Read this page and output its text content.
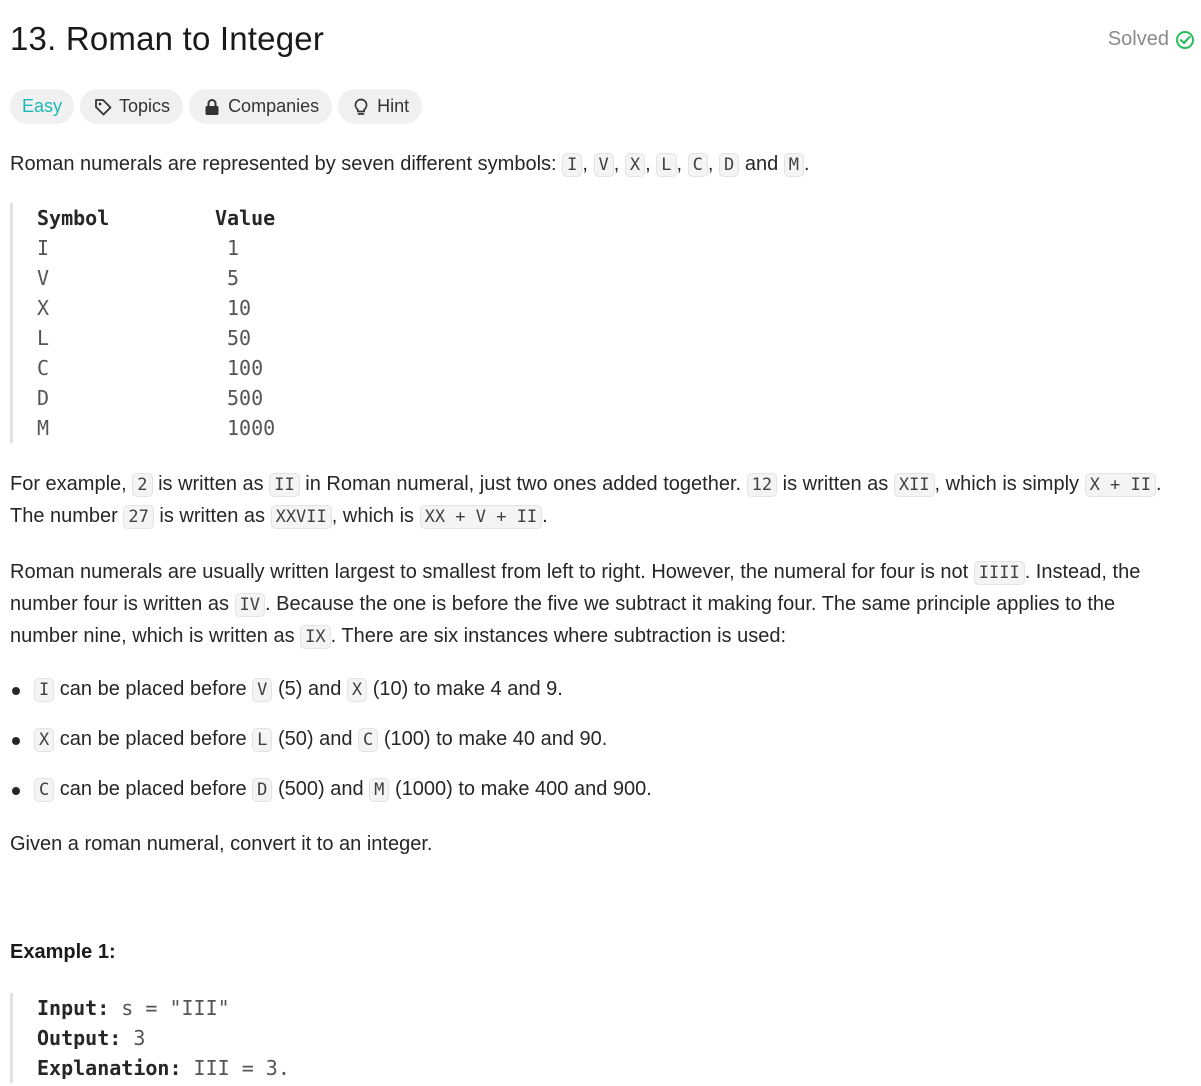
13. Roman to Integer	Solved
Easy	Topics	Companies	Hint
Roman numerals are represented by seven different symbols: I , V , X , L , C , D and M .
Symbol	Value
I	1
V	5
X	10
L	50
C	100
D	500
M	1000
For example, 2 is written as II in Roman numeral, just two ones added together. 12 is written as XII , which is simply X + II . The number 27 is written as XXVII , which is XX + V + II .
Roman numerals are usually written largest to smallest from left to right. However, the numeral for four is not IIII . Instead, the number four is written as IV . Because the one is before the five we subtract it making four. The same principle applies to the number nine, which is written as IX . There are six instances where subtraction is used:
I can be placed before V (5) and X (10) to make 4 and 9.
X can be placed before L (50) and C (100) to make 40 and 90.
C can be placed before D (500) and M (1000) to make 400 and 900.
Given a roman numeral, convert it to an integer.
Example 1:
Input: s = "III"
Output: 3
Explanation: III = 3.
